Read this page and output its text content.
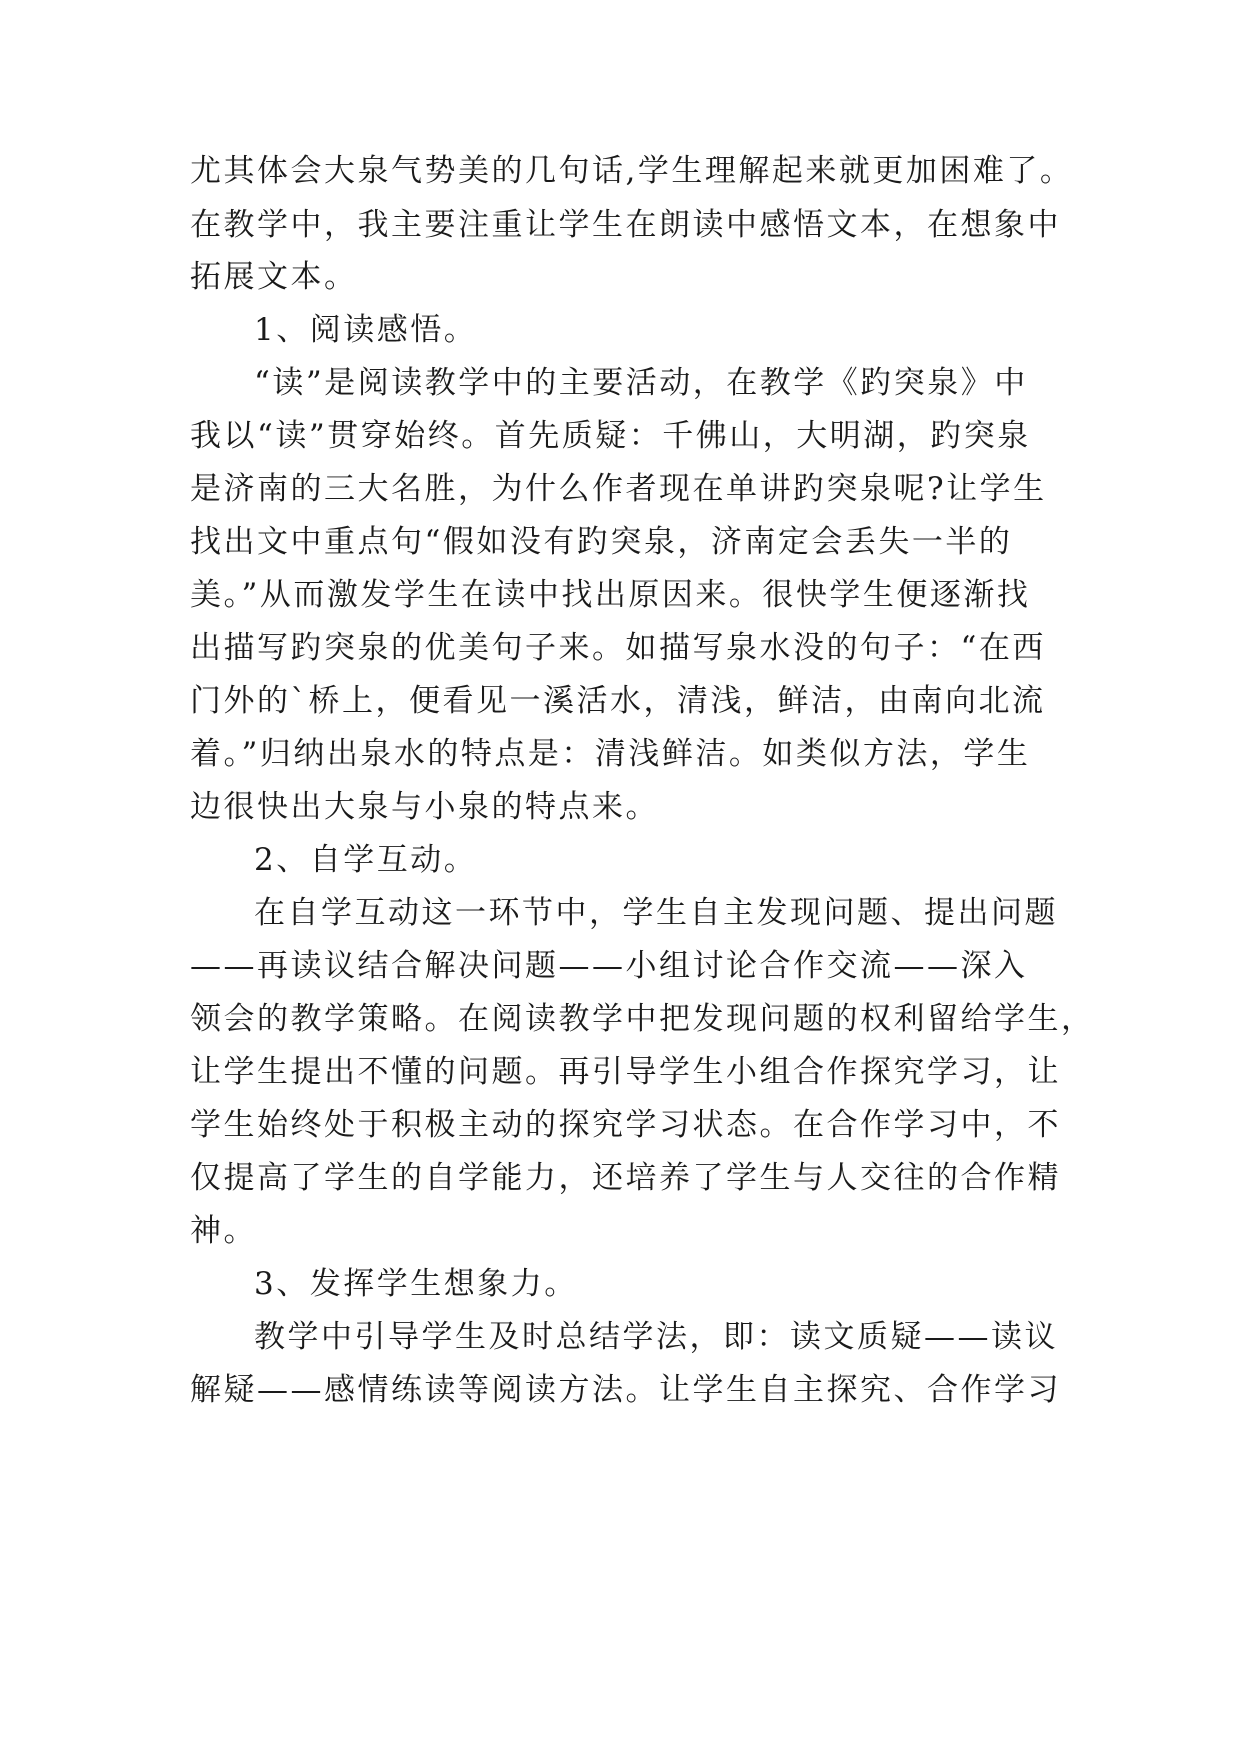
尤其体会大泉气势美的几句话,学生理解起来就更加困难了。
在教学中，我主要注重让学生在朗读中感悟文本，在想象中
拓展文本。
1、阅读感悟。
“读”是阅读教学中的主要活动，在教学《趵突泉》中
我以“读”贯穿始终。首先质疑：千佛山，大明湖，趵突泉
是济南的三大名胜，为什么作者现在单讲趵突泉呢?让学生
找出文中重点句“假如没有趵突泉，济南定会丢失一半的
美。”从而激发学生在读中找出原因来。很快学生便逐渐找
出描写趵突泉的优美句子来。如描写泉水没的句子：“在西
门外的`桥上，便看见一溪活水，清浅，鲜洁，由南向北流
着。”归纳出泉水的特点是：清浅鲜洁。如类似方法，学生
边很快出大泉与小泉的特点来。
2、自学互动。
在自学互动这一环节中，学生自主发现问题、提出问题
——再读议结合解决问题——小组讨论合作交流——深入
领会的教学策略。在阅读教学中把发现问题的权利留给学生，
让学生提出不懂的问题。再引导学生小组合作探究学习，让
学生始终处于积极主动的探究学习状态。在合作学习中，不
仅提高了学生的自学能力，还培养了学生与人交往的合作精
神。
3、发挥学生想象力。
教学中引导学生及时总结学法，即：读文质疑——读议
解疑——感情练读等阅读方法。让学生自主探究、合作学习
